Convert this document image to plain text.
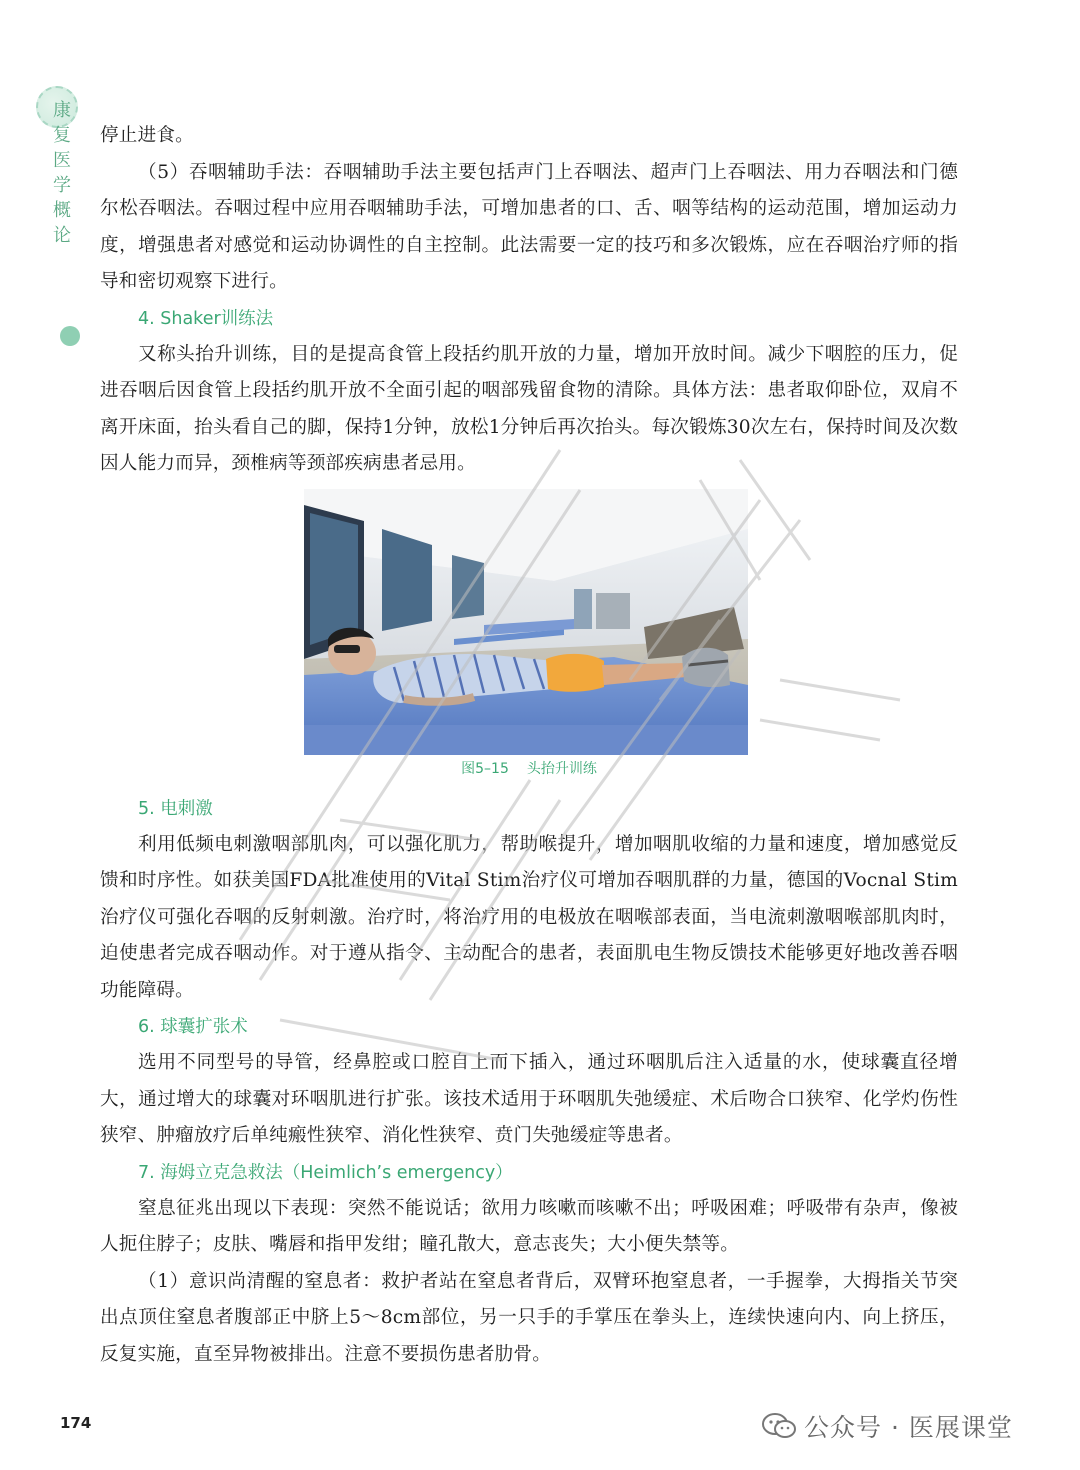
康
复
医
学
概
论

停止进食。

（5）吞咽辅助手法：吞咽辅助手法主要包括声门上吞咽法、超声门上吞咽法、用力吞咽法和门德尔松吞咽法。吞咽过程中应用吞咽辅助手法，可增加患者的口、舌、咽等结构的运动范围，增加运动力度，增强患者对感觉和运动协调性的自主控制。此法需要一定的技巧和多次锻炼，应在吞咽治疗师的指导和密切观察下进行。

4. Shaker训练法

又称头抬升训练，目的是提高食管上段括约肌开放的力量，增加开放时间。减少下咽腔的压力，促进吞咽后因食管上段括约肌开放不全面引起的咽部残留食物的清除。具体方法：患者取仰卧位，双肩不离开床面，抬头看自己的脚，保持1分钟，放松1分钟后再次抬头。每次锻炼30次左右，保持时间及次数因人能力而异，颈椎病等颈部疾病患者忌用。

图5–15 头抬升训练
5. 电刺激

利用低频电刺激咽部肌肉，可以强化肌力，帮助喉提升，增加咽肌收缩的力量和速度，增加感觉反馈和时序性。如获美国FDA批准使用的Vital Stim治疗仪可增加吞咽肌群的力量，德国的Vocnal Stim治疗仪可强化吞咽的反射刺激。治疗时，将治疗用的电极放在咽喉部表面，当电流刺激咽喉部肌肉时，迫使患者完成吞咽动作。对于遵从指令、主动配合的患者，表面肌电生物反馈技术能够更好地改善吞咽功能障碍。

6. 球囊扩张术

选用不同型号的导管，经鼻腔或口腔自上而下插入，通过环咽肌后注入适量的水，使球囊直径增大，通过增大的球囊对环咽肌进行扩张。该技术适用于环咽肌失弛缓症、术后吻合口狭窄、化学灼伤性狭窄、肿瘤放疗后单纯瘢性狭窄、消化性狭窄、贲门失弛缓症等患者。

7. 海姆立克急救法（Heimlich’s emergency）

窒息征兆出现以下表现：突然不能说话；欲用力咳嗽而咳嗽不出；呼吸困难；呼吸带有杂声，像被人扼住脖子；皮肤、嘴唇和指甲发绀；瞳孔散大，意志丧失；大小便失禁等。

（1）意识尚清醒的窒息者：救护者站在窒息者背后，双臂环抱窒息者，一手握拳，大拇指关节突出点顶住窒息者腹部正中脐上5～8cm部位，另一只手的手掌压在拳头上，连续快速向内、向上挤压，反复实施，直至异物被排出。注意不要损伤患者肋骨。

174	公众号 · 医展课堂
